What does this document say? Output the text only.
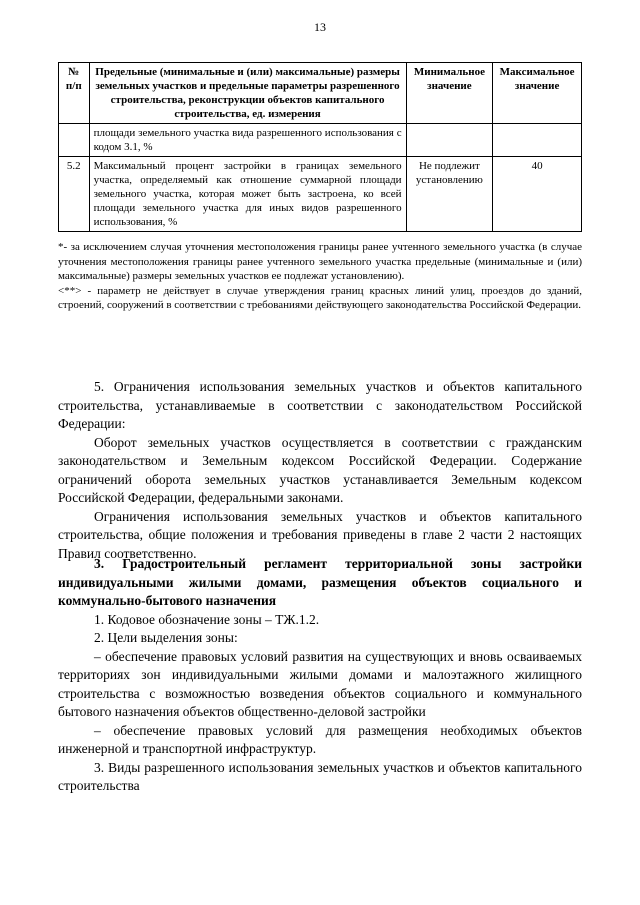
13
№ п/п	Предельные (минимальные и (или) максимальные) размеры земельных участков и предельные параметры разрешенного строительства, реконструкции объектов капитального строительства, ед. измерения	Минимальное значение	Максимальное значение
	площади земельного участка вида разрешенного использования с кодом 3.1, %		
5.2	Максимальный процент застройки в границах земельного участка, определяемый как отношение суммарной площади земельного участка, которая может быть застроена, ко всей площади земельного участка для иных видов разрешенного использования, %	Не подлежит установлению	40

*- за исключением случая уточнения местоположения границы ранее учтенного земельного участка (в случае уточнения местоположения границы ранее учтенного земельного участка предельные (минимальные и (или) максимальные) размеры земельных участков ее подлежат установлению).

<**> - параметр не действует в случае утверждения границ красных линий улиц, проездов до зданий, строений, сооружений в соответствии с требованиями действующего законодательства Российской Федерации.

5. Ограничения использования земельных участков и объектов капитального строительства, устанавливаемые в соответствии с законодательством Российской Федерации:

Оборот земельных участков осуществляется в соответствии с гражданским законодательством и Земельным кодексом Российской Федерации. Содержание ограничений оборота земельных участков устанавливается Земельным кодексом Российской Федерации, федеральными законами.

Ограничения использования земельных участков и объектов капитального строительства, общие положения и требования приведены в главе 2 части 2 настоящих Правил соответственно.

3. Градостроительный регламент территориальной зоны застройки индивидуальными жилыми домами, размещения объектов социального и коммунально-бытового назначения

1. Кодовое обозначение зоны – ТЖ.1.2.

2. Цели выделения зоны:

– обеспечение правовых условий развития на существующих и вновь осваиваемых территориях зон индивидуальными жилыми домами и малоэтажного жилищного строительства с возможностью возведения объектов социального и коммунального бытового назначения объектов общественно-деловой застройки

– обеспечение правовых условий для размещения необходимых объектов инженерной и транспортной инфраструктур.

3. Виды разрешенного использования земельных участков и объектов капитального строительства
